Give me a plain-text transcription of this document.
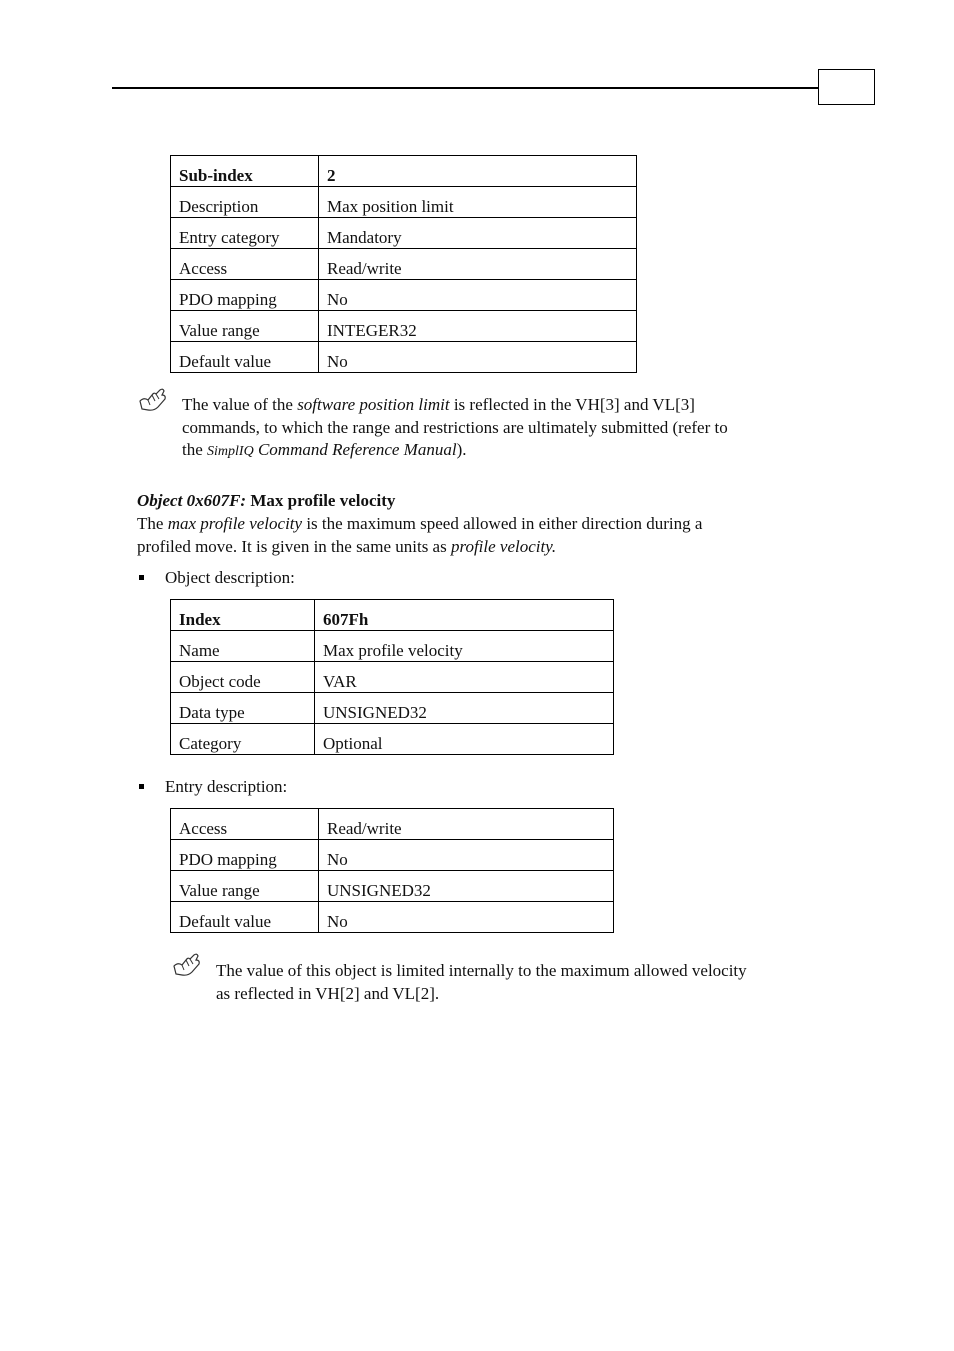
Sub-index	2
Description	Max position limit
Entry category	Mandatory
Access	Read/write
PDO mapping	No
Value range	INTEGER32
Default value	No
The value of the software position limit is reflected in the VH[3] and VL[3]
commands, to which the range and restrictions are ultimately submitted (refer to
the SimplIQ Command Reference Manual).
Object 0x607F: Max profile velocity
The max profile velocity is the maximum speed allowed in either direction during a
profiled move. It is given in the same units as profile velocity.
Object description:
Index	607Fh
Name	Max profile velocity
Object code	VAR
Data type	UNSIGNED32
Category	Optional
Entry description:
Access	Read/write
PDO mapping	No
Value range	UNSIGNED32
Default value	No
The value of this object is limited internally to the maximum allowed velocity
as reflected in VH[2] and VL[2].
